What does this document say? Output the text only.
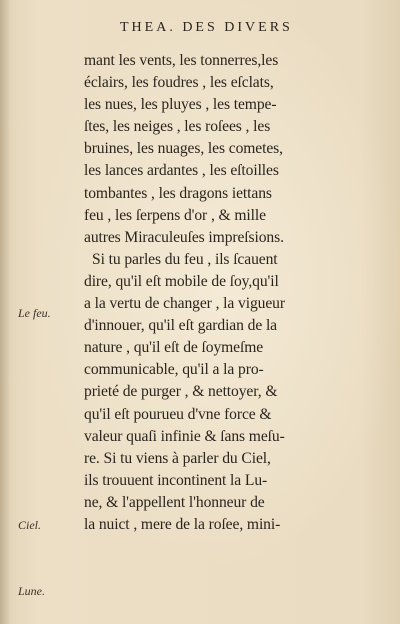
THEA. DES DIVERS
mant les vents, les tonnerres,les
éclairs, les foudres , les eſclats,
les nues, les pluyes , les tempe-
ſtes, les neiges , les roſees , les
bruines, les nuages, les cometes,
les lances ardantes , les eſtoilles
tombantes , les dragons iettans
feu , les ſerpens d'or , & mille
autres Miraculeuſes impreſsions.
Si tu parles du feu , ils ſcauent
dire, qu'il eſt mobile de ſoy,qu'il
a la vertu de changer , la vigueur
d'innouer, qu'il eſt gardian de la
nature , qu'il eſt de ſoymeſme
communicable, qu'il a la pro-
prieté de purger , & nettoyer, &
qu'il eſt pourueu d'vne force &
valeur quaſi infinie & ſans meſu-
re. Si tu viens à parler du Ciel,
ils trouuent incontinent la Lu-
ne, & l'appellent l'honneur de
la nuict , mere de la roſee, mini-
Le feu.
Ciel.
Lune.
